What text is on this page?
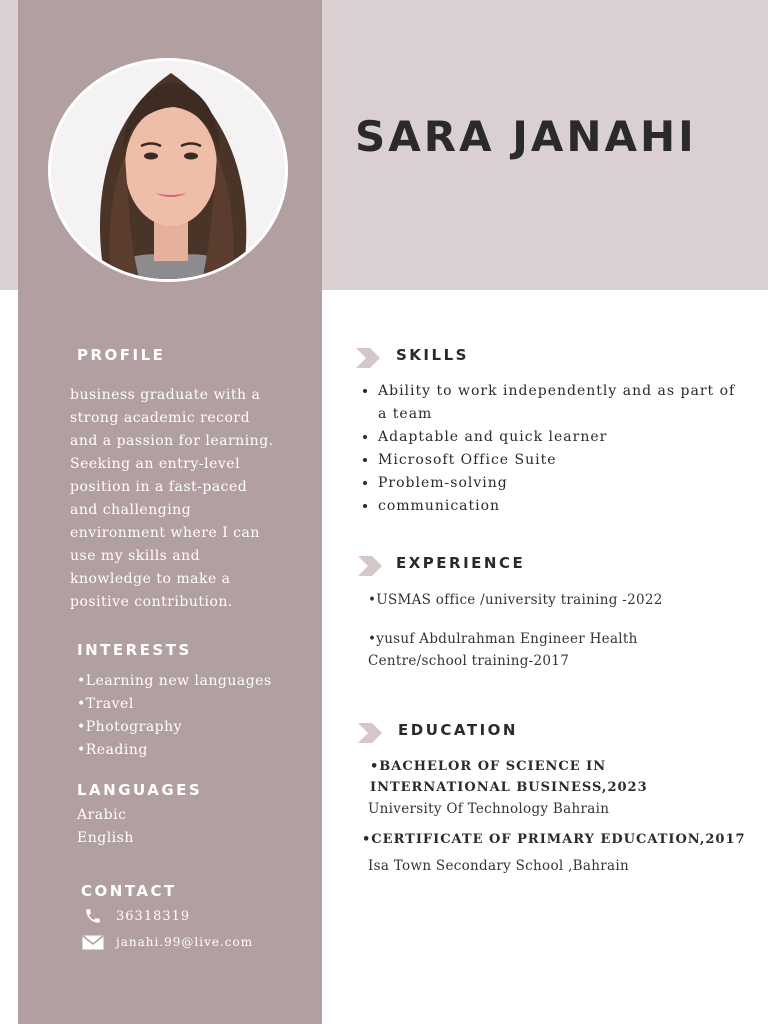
SARA JANAHI
PROFILE
business graduate with a strong academic record and a passion for learning. Seeking an entry-level position in a fast-paced and challenging environment where I can use my skills and knowledge to make a positive contribution.
INTERESTS
•Learning new languages
•Travel
•Photography
•Reading
LANGUAGES
Arabic
English
CONTACT
36318319
janahi.99@live.com
SKILLS
• Ability to work independently and as part of a team
• Adaptable and quick learner
• Microsoft Office Suite
• Problem-solving
• communication
EXPERIENCE
•USMAS office /university training -2022
•yusuf Abdulrahman Engineer Health Centre/school training-2017
EDUCATION
•BACHELOR OF SCIENCE IN INTERNATIONAL BUSINESS,2023
University Of Technology Bahrain
•CERTIFICATE OF PRIMARY EDUCATION,2017
Isa Town Secondary School ,Bahrain
